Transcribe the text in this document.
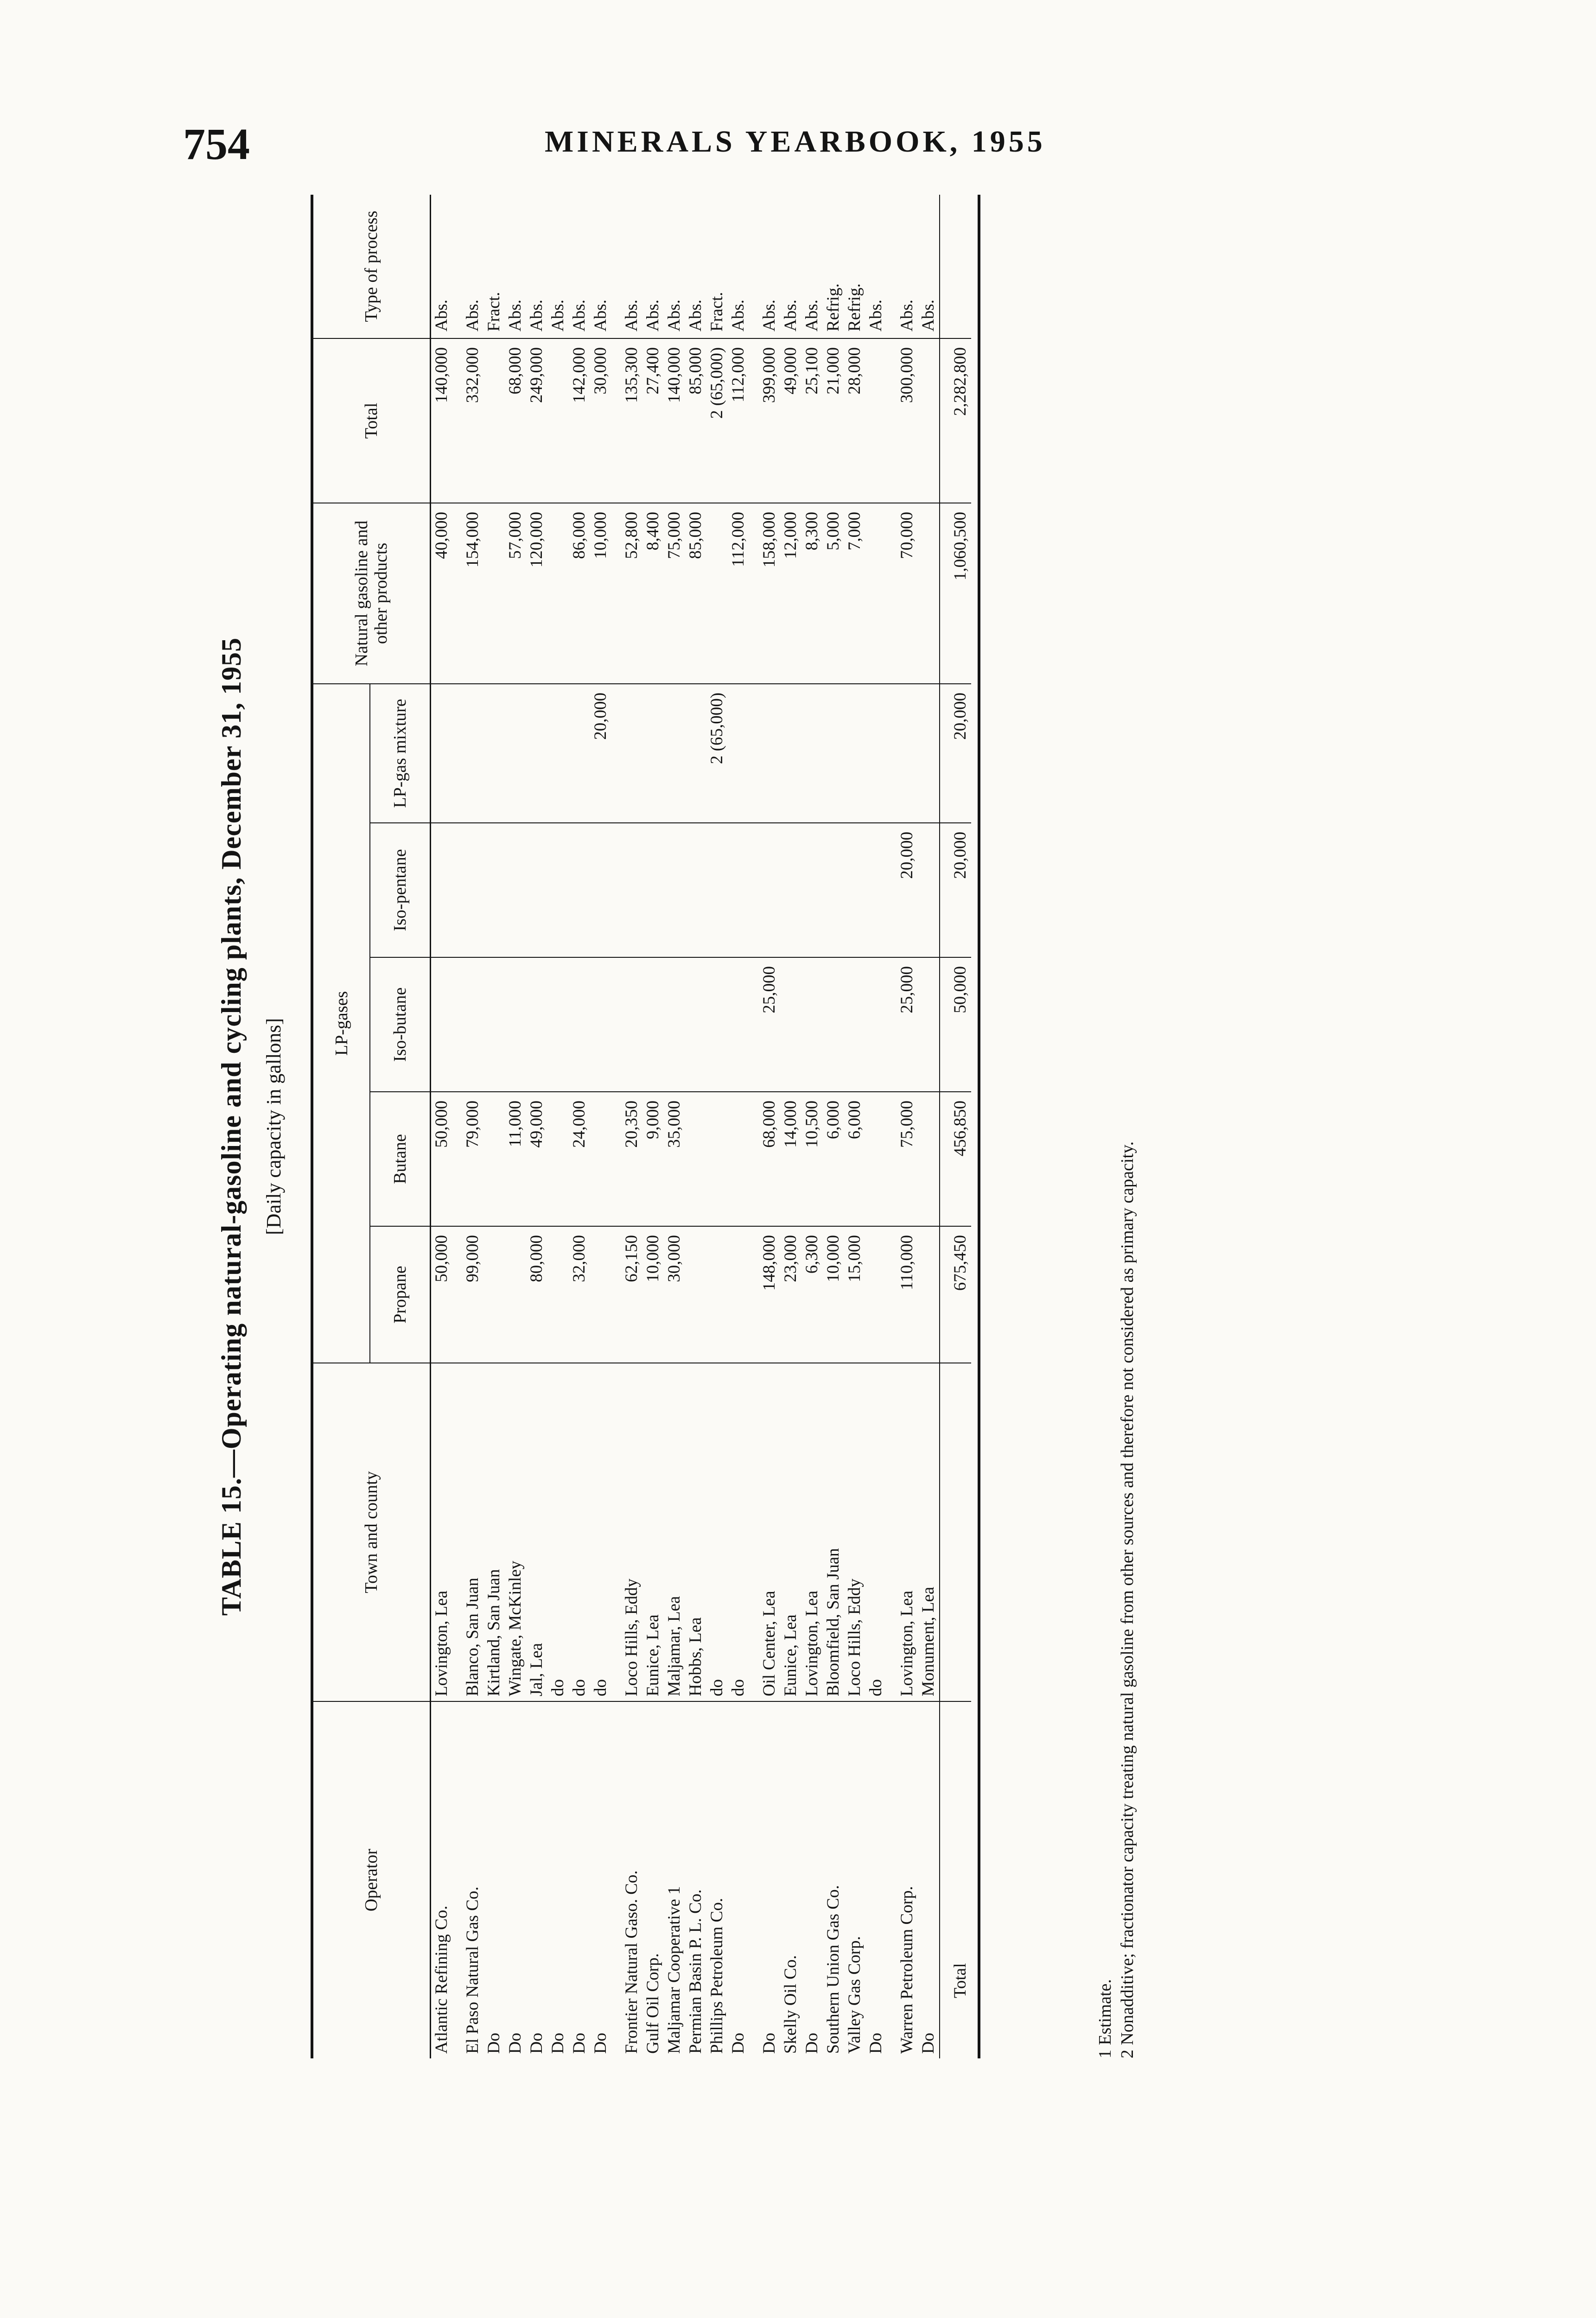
754	MINERALS YEARBOOK, 1955
TABLE 15.—Operating natural-gasoline and cycling plants, December 31, 1955 [Daily capacity in gallons]
Operator	Town and county	LP-gases					Natural gasoline and other products	Total	Type of process
		Propane	Butane	Iso-butane	Iso-pentane	LP-gas mixture			
Atlantic Refining Co.	Lovington, Lea	50,000	50,000				40,000	140,000	Abs.
El Paso Natural Gas Co.	Blanco, San Juan	99,000	79,000				154,000	332,000	Abs.
Do	Kirtland, San Juan								Fract.
Do	Wingate, McKinley		11,000				57,000	68,000	Abs.
Do	Jal, Lea	80,000	49,000				120,000	249,000	Abs.
Do	do								Abs.
Do	do	32,000	24,000				86,000	142,000	Abs.
Do	do					20,000	10,000	30,000	Abs.
Frontier Natural Gaso. Co.	Loco Hills, Eddy	62,150	20,350				52,800	135,300	Abs.
Gulf Oil Corp.	Eunice, Lea	10,000	9,000				8,400	27,400	Abs.
Maljamar Cooperative 1	Maljamar, Lea	30,000	35,000				75,000	140,000	Abs.
Permian Basin P. L. Co.	Hobbs, Lea						85,000	85,000	Abs.
Phillips Petroleum Co.	do					2 (65,000)		2 (65,000)	Fract.
Do	do						112,000	112,000	Abs.
Do	Oil Center, Lea	148,000	68,000	25,000			158,000	399,000	Abs.
Skelly Oil Co.	Eunice, Lea	23,000	14,000				12,000	49,000	Abs.
Do	Lovington, Lea	6,300	10,500				8,300	25,100	Abs.
Southern Union Gas Co.	Bloomfield, San Juan	10,000	6,000				5,000	21,000	Refrig.
Valley Gas Corp.	Loco Hills, Eddy	15,000	6,000				7,000	28,000	Refrig.
Do	do								Abs.
Warren Petroleum Corp.	Lovington, Lea	110,000	75,000	25,000	20,000		70,000	300,000	Abs.
Do	Monument, Lea								Abs.
Total		675,450	456,850	50,000	20,000	20,000	1,060,500	2,282,800	

1 Estimate. 2 Nonadditive; fractionator capacity treating natural gasoline from other sources and therefore not considered as primary capacity.
